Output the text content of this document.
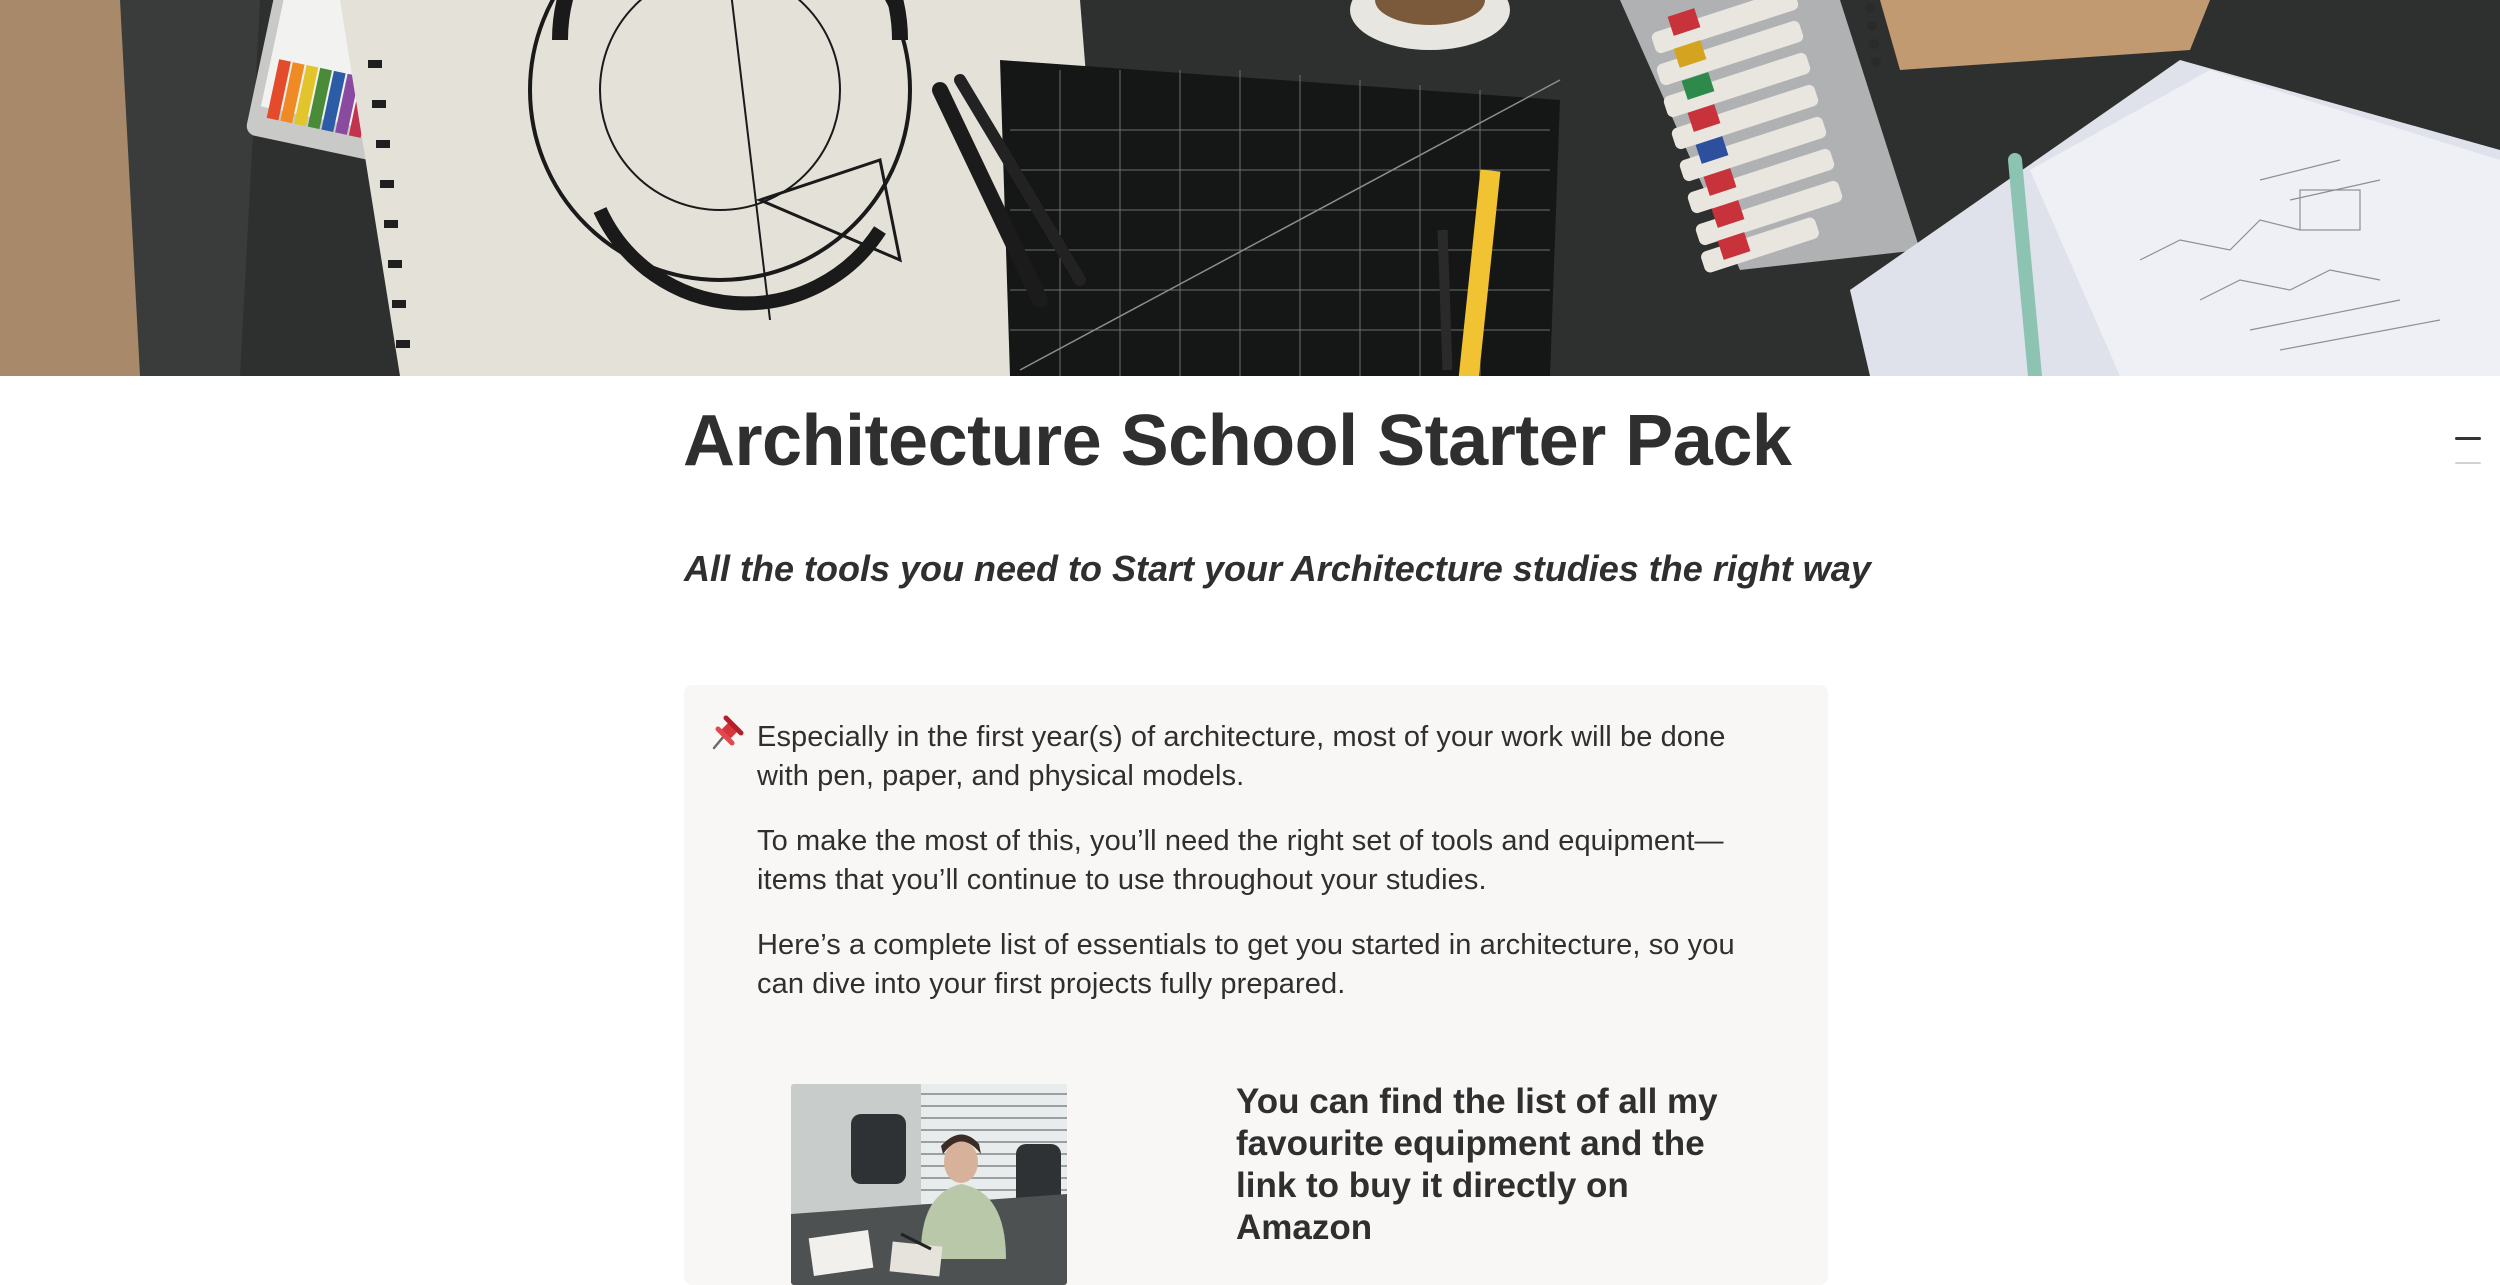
Architecture School Starter Pack
All the tools you need to Start your Architecture studies the right way

Especially in the first year(s) of architecture, most of your work will be done with pen, paper, and physical models.

To make the most of this, you’ll need the right set of tools and equipment—items that you’ll continue to use throughout your studies.

Here’s a complete list of essentials to get you started in architecture, so you can dive into your first projects fully prepared.

You can find the list of all my favourite equipment and the link to buy it directly on Amazon
